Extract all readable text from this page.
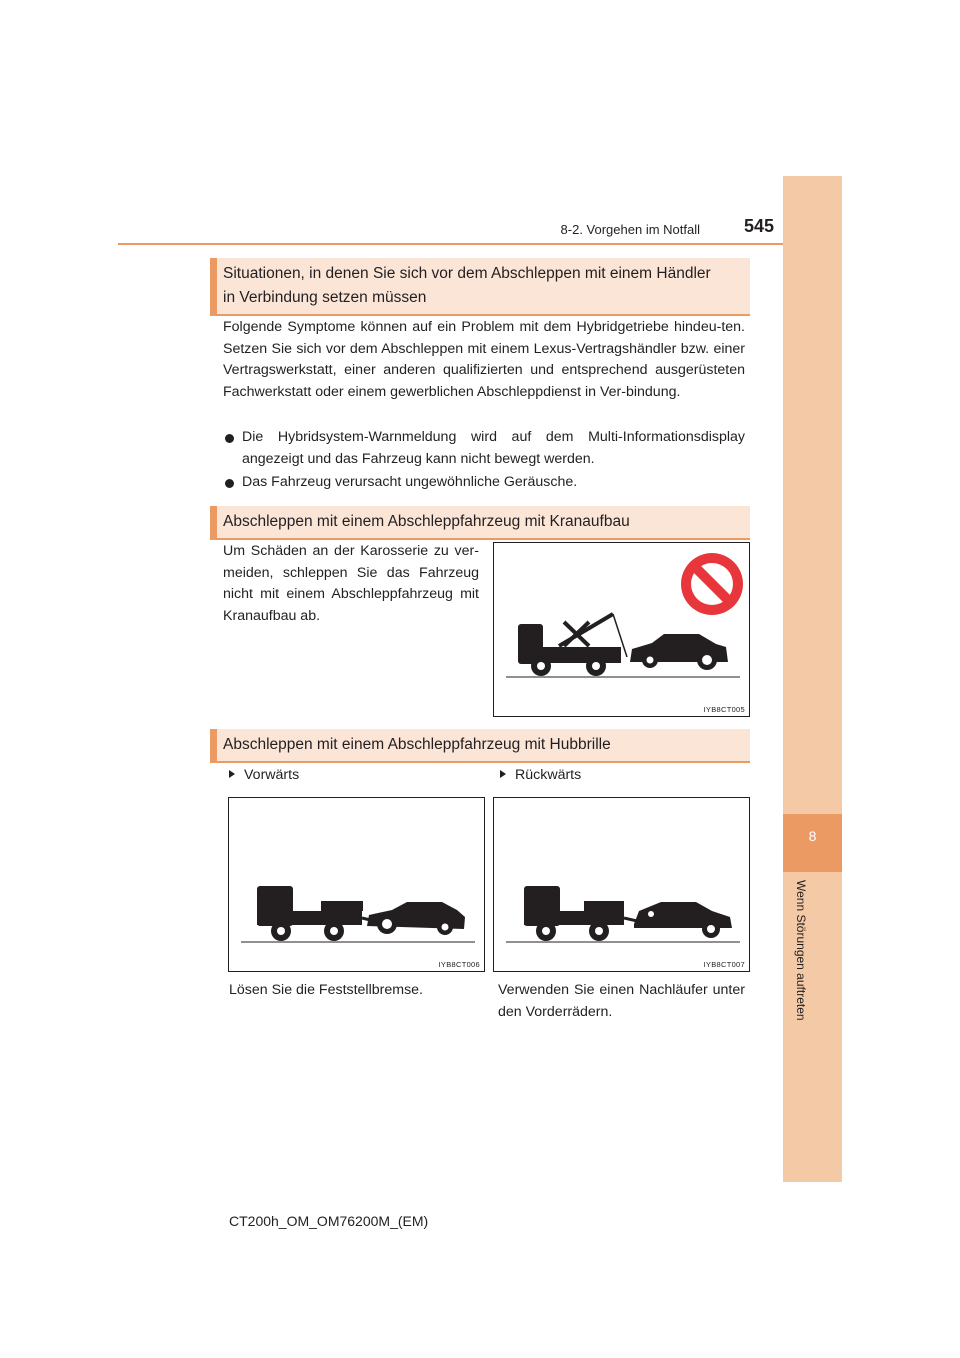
8-2. Vorgehen im Notfall	545
8
Wenn Störungen auftreten
Situationen, in denen Sie sich vor dem Abschleppen mit einem Händler
in Verbindung setzen müssen
Folgende Symptome können auf ein Problem mit dem Hybridgetriebe hindeu-ten. Setzen Sie sich vor dem Abschleppen mit einem Lexus-Vertragshändler bzw. einer Vertragswerkstatt, einer anderen qualifizierten und entsprechend ausgerüsteten Fachwerkstatt oder einem gewerblichen Abschleppdienst in Ver-bindung.
Die Hybridsystem-Warnmeldung wird auf dem Multi-Informationsdisplay angezeigt und das Fahrzeug kann nicht bewegt werden.
Das Fahrzeug verursacht ungewöhnliche Geräusche.
Abschleppen mit einem Abschleppfahrzeug mit Kranaufbau
Um Schäden an der Karosserie zu ver-meiden, schleppen Sie das Fahrzeug nicht mit einem Abschleppfahrzeug mit Kranaufbau ab.
IYB8CT005
Abschleppen mit einem Abschleppfahrzeug mit Hubbrille
Vorwärts	Rückwärts
IYB8CT006	IYB8CT007
Lösen Sie die Feststellbremse.	Verwenden Sie einen Nachläufer unter den Vorderrädern.
CT200h_OM_OM76200M_(EM)
